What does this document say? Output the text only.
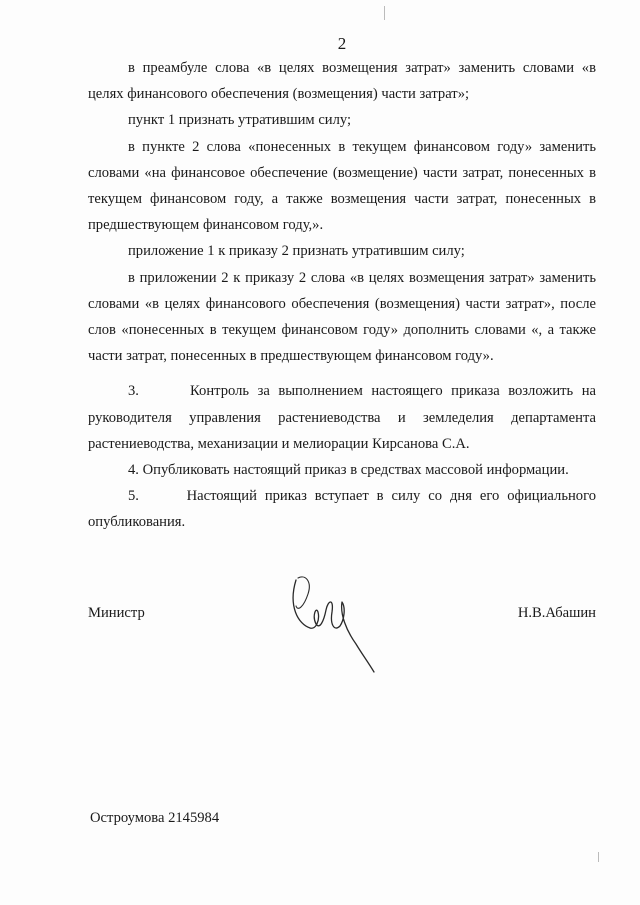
2

в преамбуле слова «в целях возмещения затрат» заменить словами «в целях финансового обеспечения (возмещения) части затрат»;

пункт 1 признать утратившим силу;

в пункте 2 слова «понесенных в текущем финансовом году» заменить словами «на финансовое обеспечение (возмещение) части затрат, понесенных в текущем финансовом году, а также возмещения части затрат, понесенных в предшествующем финансовом году,».

приложение 1 к приказу 2 признать утратившим силу;

в приложении 2 к приказу 2 слова «в целях возмещения затрат» заменить словами «в целях финансового обеспечения (возмещения) части затрат», после слов «понесенных в текущем финансовом году» дополнить словами «, а также части затрат, понесенных в предшествующем финансовом году».

3.      Контроль за выполнением настоящего приказа возложить на руководителя управления растениеводства и земледелия департамента растениеводства, механизации и мелиорации Кирсанова С.А.

4. Опубликовать настоящий приказ в средствах массовой информации.

5.      Настоящий приказ вступает в силу со дня его официального опубликования.

Министр	Н.В.Абашин
Остроумова 2145984
